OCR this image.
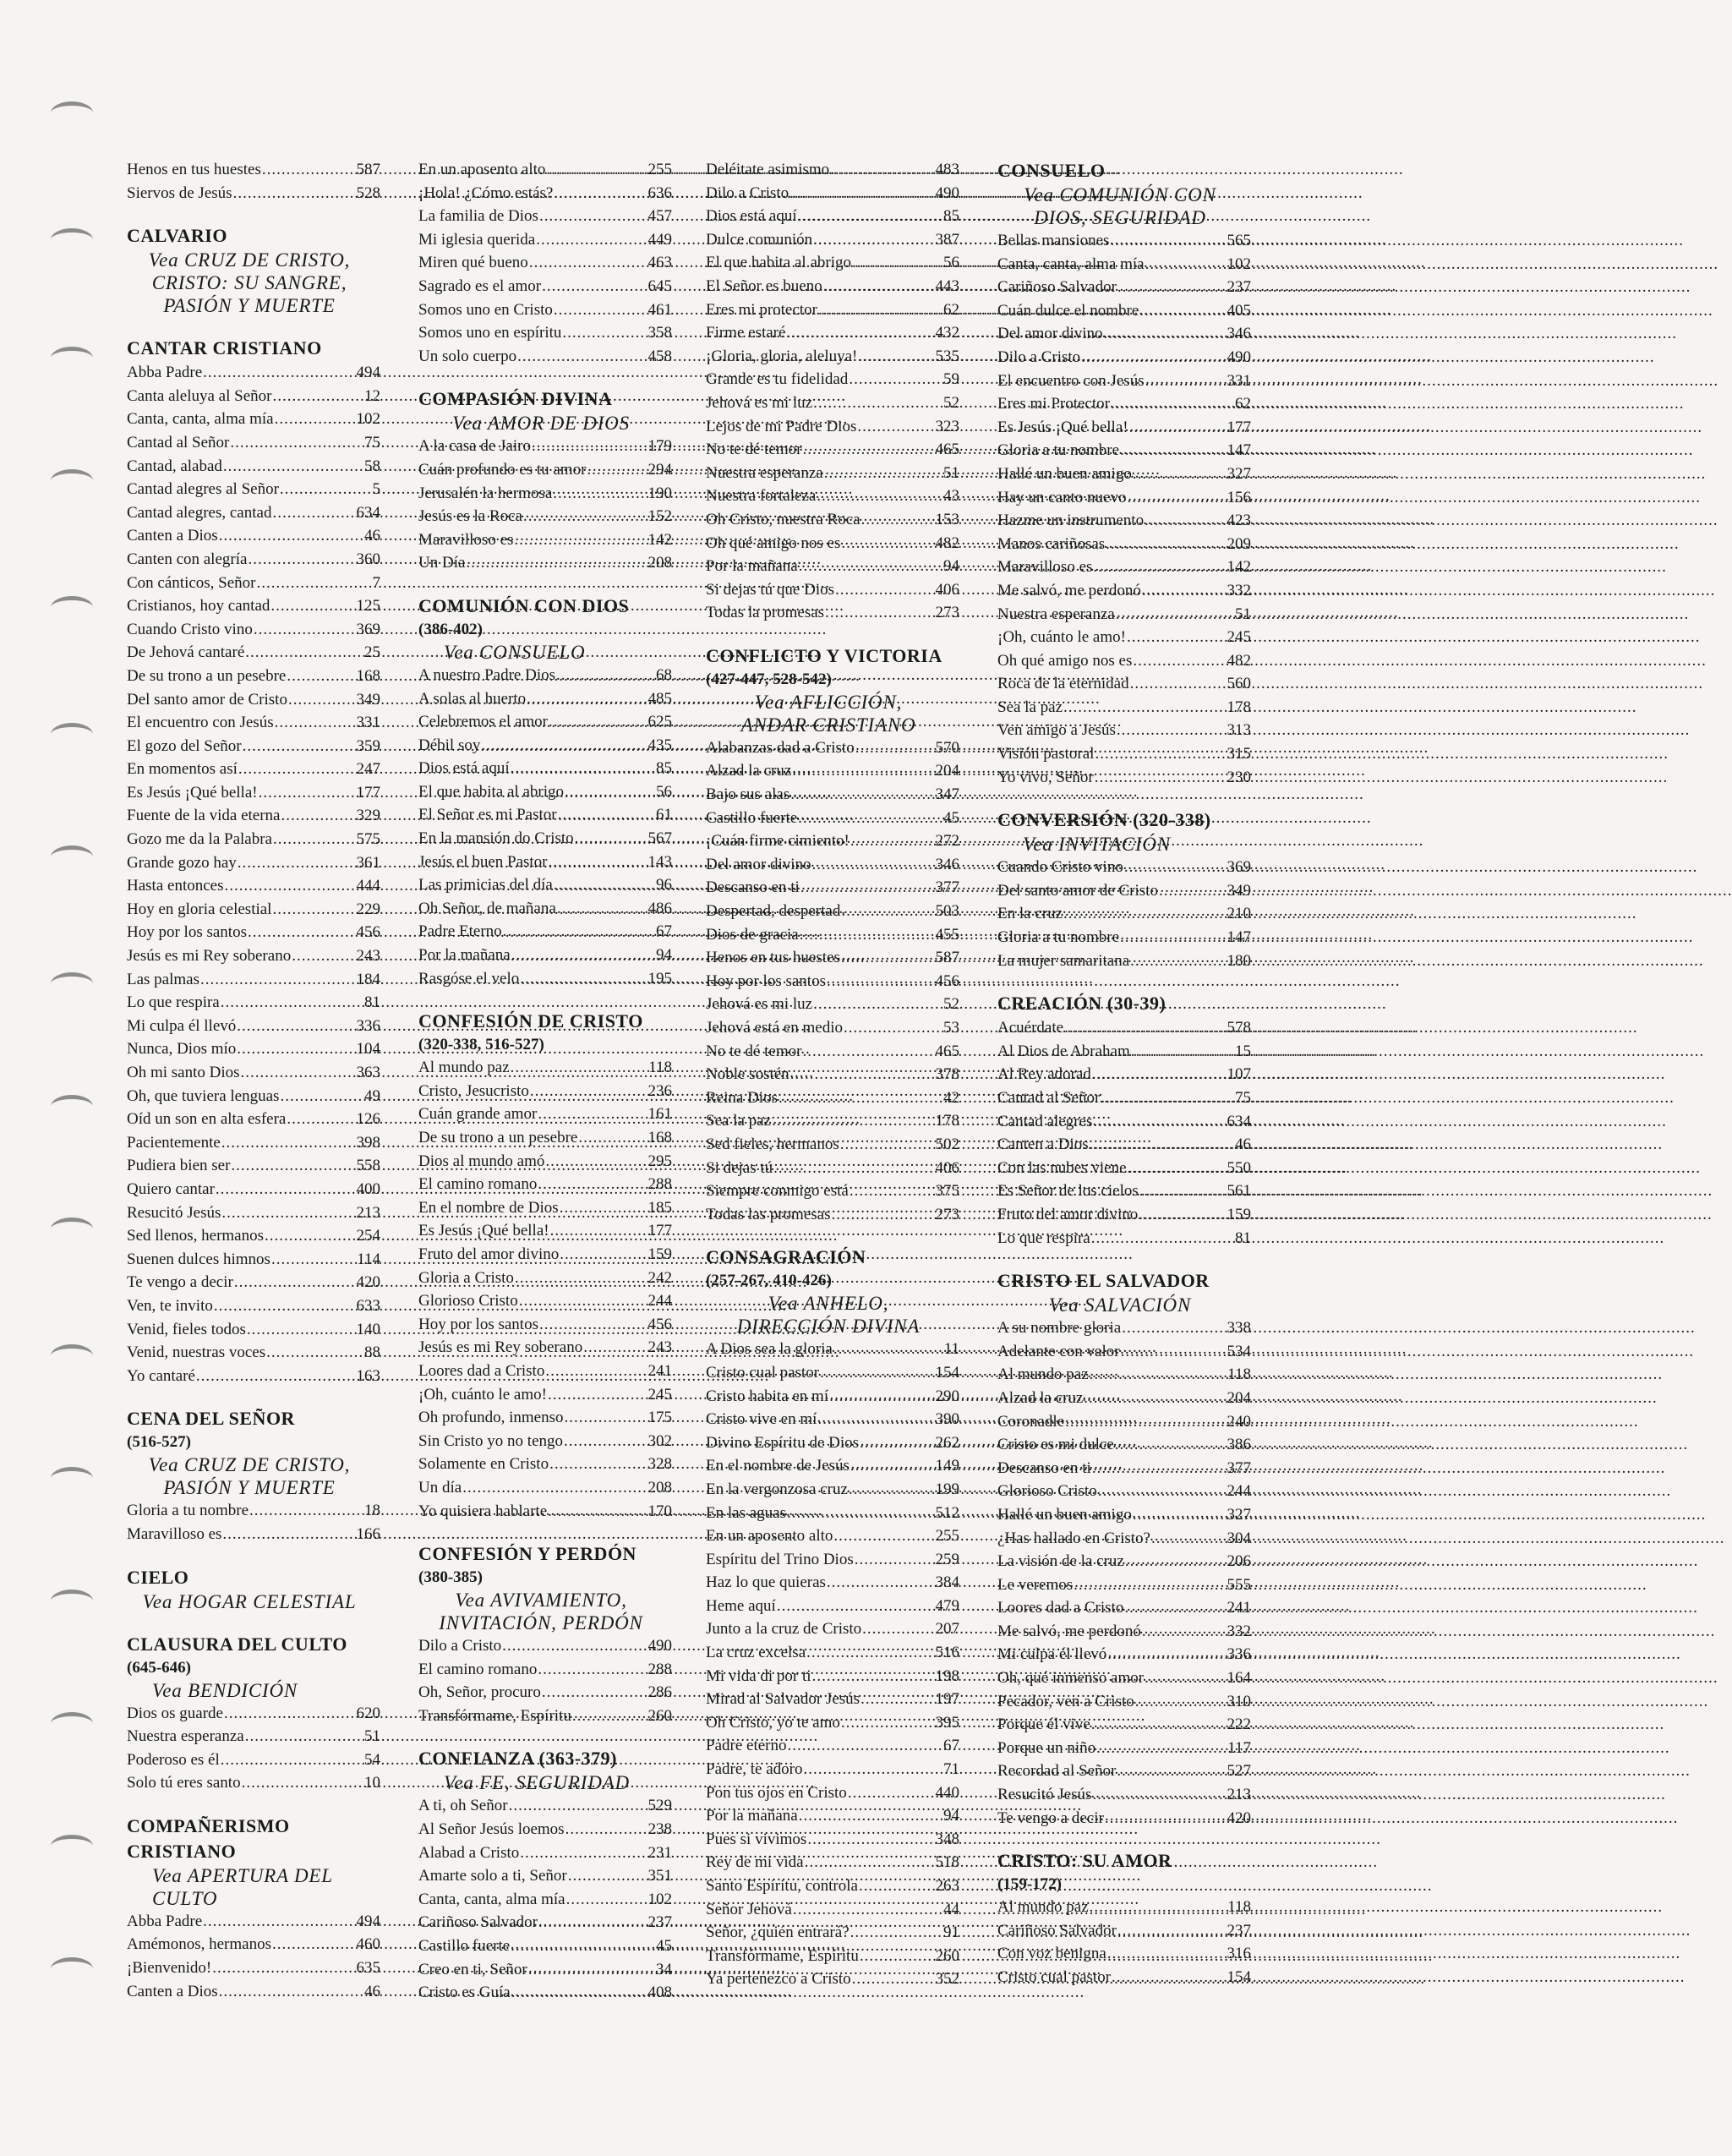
Henos en tus huestes .....	587
Siervos de Jesús .....	528
CALVARIO
Vea CRUZ DE CRISTO,
CRISTO: SU SANGRE,
PASIÓN Y MUERTE
CANTAR CRISTIANO
Abba Padre .....	494
Canta aleluya al Señor .....	12
Canta, canta, alma mía .....	102
Cantad al Señor .....	75
Cantad, alabad .....	58
Cantad alegres al Señor .....	5
Cantad alegres, cantad .....	634
Canten a Dios .....	46
Canten con alegría .....	360
Con cánticos, Señor .....	7
Cristianos, hoy cantad .....	125
Cuando Cristo vino .....	369
De Jehová cantaré .....	25
De su trono a un pesebre .....	168
Del santo amor de Cristo .....	349
El encuentro con Jesús .....	331
El gozo del Señor .....	359
En momentos así .....	247
Es Jesús ¡Qué bella! .....	177
Fuente de la vida eterna .....	329
Gozo me da la Palabra .....	575
Grande gozo hay .....	361
Hasta entonces .....	444
Hoy en gloria celestial .....	229
Hoy por los santos .....	456
Jesús es mi Rey soberano .....	243
Las palmas .....	184
Lo que respira .....	81
Mi culpa él llevó .....	336
Nunca, Dios mío .....	104
Oh mi santo Dios .....	363
Oh, que tuviera lenguas .....	49
Oíd un son en alta esfera .....	126
Pacientemente .....	398
Pudiera bien ser .....	558
Quiero cantar .....	400
Resucitó Jesús .....	213
Sed llenos, hermanos .....	254
Suenen dulces himnos .....	114
Te vengo a decir .....	420
Ven, te invito .....	633
Venid, fieles todos .....	140
Venid, nuestras voces .....	88
Yo cantaré .....	163
CENA DEL SEÑOR
(516-527)
Vea CRUZ DE CRISTO,
PASIÓN Y MUERTE
Gloria a tu nombre .....	18
Maravilloso es .....	166
CIELO
Vea HOGAR CELESTIAL
CLAUSURA DEL CULTO
(645-646)
Vea BENDICIÓN
Dios os guarde .....	620
Nuestra esperanza .....	51
Poderoso es él .....	54
Solo tú eres santo .....	10
COMPAÑERISMO
CRISTIANO
Vea APERTURA DEL CULTO
Abba Padre .....	494
Amémonos, hermanos .....	460
¡Bienvenido! .....	635
Canten a Dios .....	46
En un aposento alto .....	255
¡Hola! ¿Cómo estás? .....	636
La familia de Dios .....	457
Mi iglesia querida .....	449
Miren qué bueno .....	463
Sagrado es el amor .....	645
Somos uno en Cristo .....	461
Somos uno en espíritu .....	358
Un solo cuerpo .....	458
COMPASIÓN DIVINA
Vea AMOR DE DIOS
A la casa de Jairo .....	179
Cuán profundo es tu amor .....	294
Jerusalén la hermosa .....	190
Jesús es la Roca .....	152
Maravilloso es .....	142
Un Día .....	208
COMUNIÓN CON DIOS
(386-402)
Vea CONSUELO
A nuestro Padre Dios .....	68
A solas al huerto .....	485
Celebremos el amor .....	625
Débil soy .....	435
Dios está aquí .....	85
El que habita al abrigo .....	56
El Señor es mi Pastor .....	61
En la mansión do Cristo .....	567
Jesús el buen Pastor .....	143
Las primicias del día .....	96
Oh Señor, de mañana .....	486
Padre Eterno .....	67
Por la mañana .....	94
Rasgóse el velo .....	195
CONFESIÓN DE CRISTO
(320-338, 516-527)
Al mundo paz .....	118
Cristo, Jesucristo .....	236
Cuán grande amor .....	161
De su trono a un pesebre .....	168
Dios al mundo amó .....	295
El camino romano .....	288
En el nombre de Dios .....	185
Es Jesús ¡Qué bella! .....	177
Fruto del amor divino .....	159
Gloria a Cristo .....	242
Glorioso Cristo .....	244
Hoy por los santos .....	456
Jesús es mi Rey soberano .....	243
Loores dad a Cristo .....	241
¡Oh, cuánto le amo! .....	245
Oh profundo, inmenso .....	175
Sin Cristo yo no tengo .....	302
Solamente en Cristo .....	328
Un día .....	208
Yo quisiera hablarte .....	170
CONFESIÓN Y PERDÓN
(380-385)
Vea AVIVAMIENTO,
INVITACIÓN, PERDÓN
Dilo a Cristo .....	490
El camino romano .....	288
Oh, Señor, procuro .....	286
Transfórmame, Espíritu .....	260
CONFIANZA (363-379)
Vea FE, SEGURIDAD
A ti, oh Señor .....	529
Al Señor Jesús loemos .....	238
Alabad a Cristo .....	231
Amarte solo a ti, Señor .....	351
Canta, canta, alma mía .....	102
Cariñoso Salvador .....	237
Castillo fuerte .....	45
Creo en ti, Señor .....	34
Cristo es Guía .....	408
Deléitate asimismo .....	483
Dilo a Cristo .....	490
Dios está aquí .....	85
Dulce comunión .....	387
El que habita al abrigo .....	56
El Señor es bueno .....	443
Eres mi protector .....	62
Firme estaré .....	432
¡Gloria, gloria, aleluya! .....	535
Grande es tu fidelidad .....	59
Jehová es mi luz .....	52
Lejos de mi Padre Dios .....	323
No te dé temor .....	465
Nuestra esperanza .....	51
Nuestra fortaleza .....	43
Oh Cristo, nuestra Roca .....	153
Oh qué amigo nos es .....	482
Por la mañana .....	94
Si dejas tú que Dios .....	406
Todas la promesas .....	273
CONFLICTO Y VICTORIA
(427-447, 528-542)
Vea AFLICCIÓN,
ANDAR CRISTIANO
Alabanzas dad a Cristo .....	570
Alzad la cruz .....	204
Bajo sus alas .....	347
Castillo fuerte .....	45
¡Cuán firme cimiento! .....	272
Del amor divino .....	346
Descanso en ti .....	377
Despertad, despertad .....	503
Dios de gracia .....	455
Henos en tus huestes .....	587
Hoy por los santos .....	456
Jehová es mi luz .....	52
Jehová está en medio .....	53
No te dé temor .....	465
Noble sostén .....	378
Reina Dios .....	42
Sea la paz .....	178
Sed fieles, hermanos .....	502
Si dejas tú .....	406
Siempre conmigo está .....	375
Todas las promesas .....	273
CONSAGRACIÓN
(257-267, 410-426)
Vea ANHELO,
DIRECCIÓN DIVINA
A Dios sea la gloria .....	11
Cristo cual pastor .....	154
Cristo habita en mí .....	290
Cristo vive en mí .....	390
Divino Espíritu de Dios .....	262
En el nombre de Jesús .....	149
En la vergonzosa cruz .....	199
En las aguas .....	512
En un aposento alto .....	255
Espíritu del Trino Dios .....	259
Haz lo que quieras .....	384
Heme aquí .....	479
Junto a la cruz de Cristo .....	207
La cruz excelsa .....	516
Mi vida di por ti .....	198
Mirad al Salvador Jesús .....	197
Oh Cristo, yo te amo .....	395
Padre eterno .....	67
Padre, te adoro .....	71
Pon tus ojos en Cristo .....	440
Por la mañana .....	94
Pues si vivimos .....	348
Rey de mi vida .....	518
Santo Espíritu, controla .....	263
Señor Jehová .....	44
Señor, ¿quién entrará? .....	91
Transfórmame, Espíritu .....	260
Ya pertenezco a Cristo .....	352
CONSUELO
Vea COMUNIÓN CON
DIOS, SEGURIDAD
Bellas mansiones .....	565
Canta, canta, alma mía .....	102
Cariñoso Salvador .....	237
Cuán dulce el nombre .....	405
Del amor divino .....	346
Dilo a Cristo .....	490
El encuentro con Jesús .....	331
Eres mi Protector .....	62
Es Jesús ¡Qué bella! .....	177
Gloria a tu nombre .....	147
Hallé un buen amigo .....	327
Hay un canto nuevo .....	156
Hazme un instrumento .....	423
Manos cariñosas .....	209
Maravilloso es .....	142
Me salvó, me perdonó .....	332
Nuestra esperanza .....	51
¡Oh, cuánto le amo! .....	245
Oh qué amigo nos es .....	482
Roca de la eternidad .....	560
Sea la paz .....	178
Ven amigo a Jesús .....	313
Visión pastoral .....	315
Yo vivo, Señor .....	230
CONVERSIÓN (320-338)
Vea INVITACIÓN
Cuando Cristo vino .....	369
Del santo amor de Cristo .....	349
En la cruz .....	210
Gloria a tu nombre .....	147
La mujer samaritana .....	180
CREACIÓN (30-39)
Acuérdate .....	578
Al Dios de Abraham .....	15
Al Rey adorad .....	107
Cantad al Señor .....	75
Cantad alegres .....	634
Canten a Dios .....	46
Con las nubes viene .....	550
Es Señor de los cielos .....	561
Fruto del amor divino .....	159
Lo que respira .....	81
CRISTO EL SALVADOR
Vea SALVACIÓN
A su nombre gloria .....	338
Adelante con valor .....	534
Al mundo paz .....	118
Alzad la cruz .....	204
Coronadle .....	240
Cristo es mi dulce .....	386
Descanso en ti .....	377
Glorioso Cristo .....	244
Hallé un buen amigo .....	327
¿Has hallado en Cristo? .....	304
La visión de la cruz .....	206
Le veremos .....	555
Loores dad a Cristo .....	241
Me salvó, me perdonó .....	332
Mi culpa él llevó .....	336
Oh, qué inmenso amor .....	164
Pecador, ven a Cristo .....	310
Porque él vive .....	222
Porque un niño .....	117
Recordad al Señor .....	527
Resucitó Jesús .....	213
Te vengo a decir .....	420
CRISTO: SU AMOR
(159-172)
Al mundo paz .....	118
Cariñoso Salvador .....	237
Con voz benigna .....	316
Cristo cual pastor .....	154
